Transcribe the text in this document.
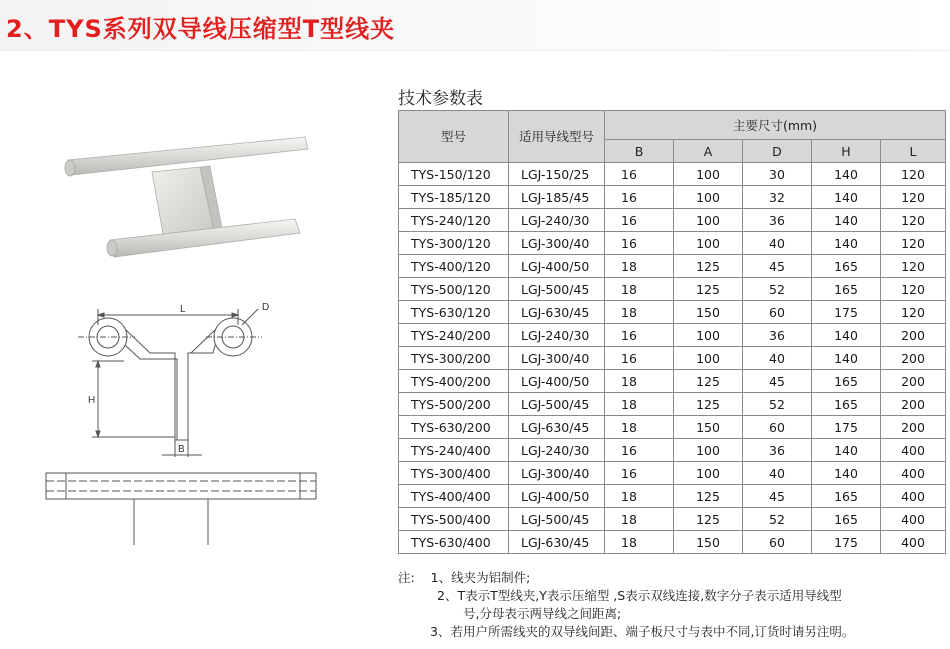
2、TYS系列双导线压缩型T型线夹
L	D
H
B
技术参数表
型号	适用导线型号	主要尺寸(mm)				
		B	A	D	H	L
TYS-150/120	LGJ-150/25	16	100	30	140	120
TYS-185/120	LGJ-185/45	16	100	32	140	120
TYS-240/120	LGJ-240/30	16	100	36	140	120
TYS-300/120	LGJ-300/40	16	100	40	140	120
TYS-400/120	LGJ-400/50	18	125	45	165	120
TYS-500/120	LGJ-500/45	18	125	52	165	120
TYS-630/120	LGJ-630/45	18	150	60	175	120
TYS-240/200	LGJ-240/30	16	100	36	140	200
TYS-300/200	LGJ-300/40	16	100	40	140	200
TYS-400/200	LGJ-400/50	18	125	45	165	200
TYS-500/200	LGJ-500/45	18	125	52	165	200
TYS-630/200	LGJ-630/45	18	150	60	175	200
TYS-240/400	LGJ-240/30	16	100	36	140	400
TYS-300/400	LGJ-300/40	16	100	40	140	400
TYS-400/400	LGJ-400/50	18	125	45	165	400
TYS-500/400	LGJ-500/45	18	125	52	165	400
TYS-630/400	LGJ-630/45	18	150	60	175	400
注: 1、线夹为铝制件;
2、T表示T型线夹,Y表示压缩型 ,S表示双线连接,数字分子表示适用导线型
号,分母表示两导线之间距离;
3、若用户所需线夹的双导线间距、端子板尺寸与表中不同,订货时请另注明。
